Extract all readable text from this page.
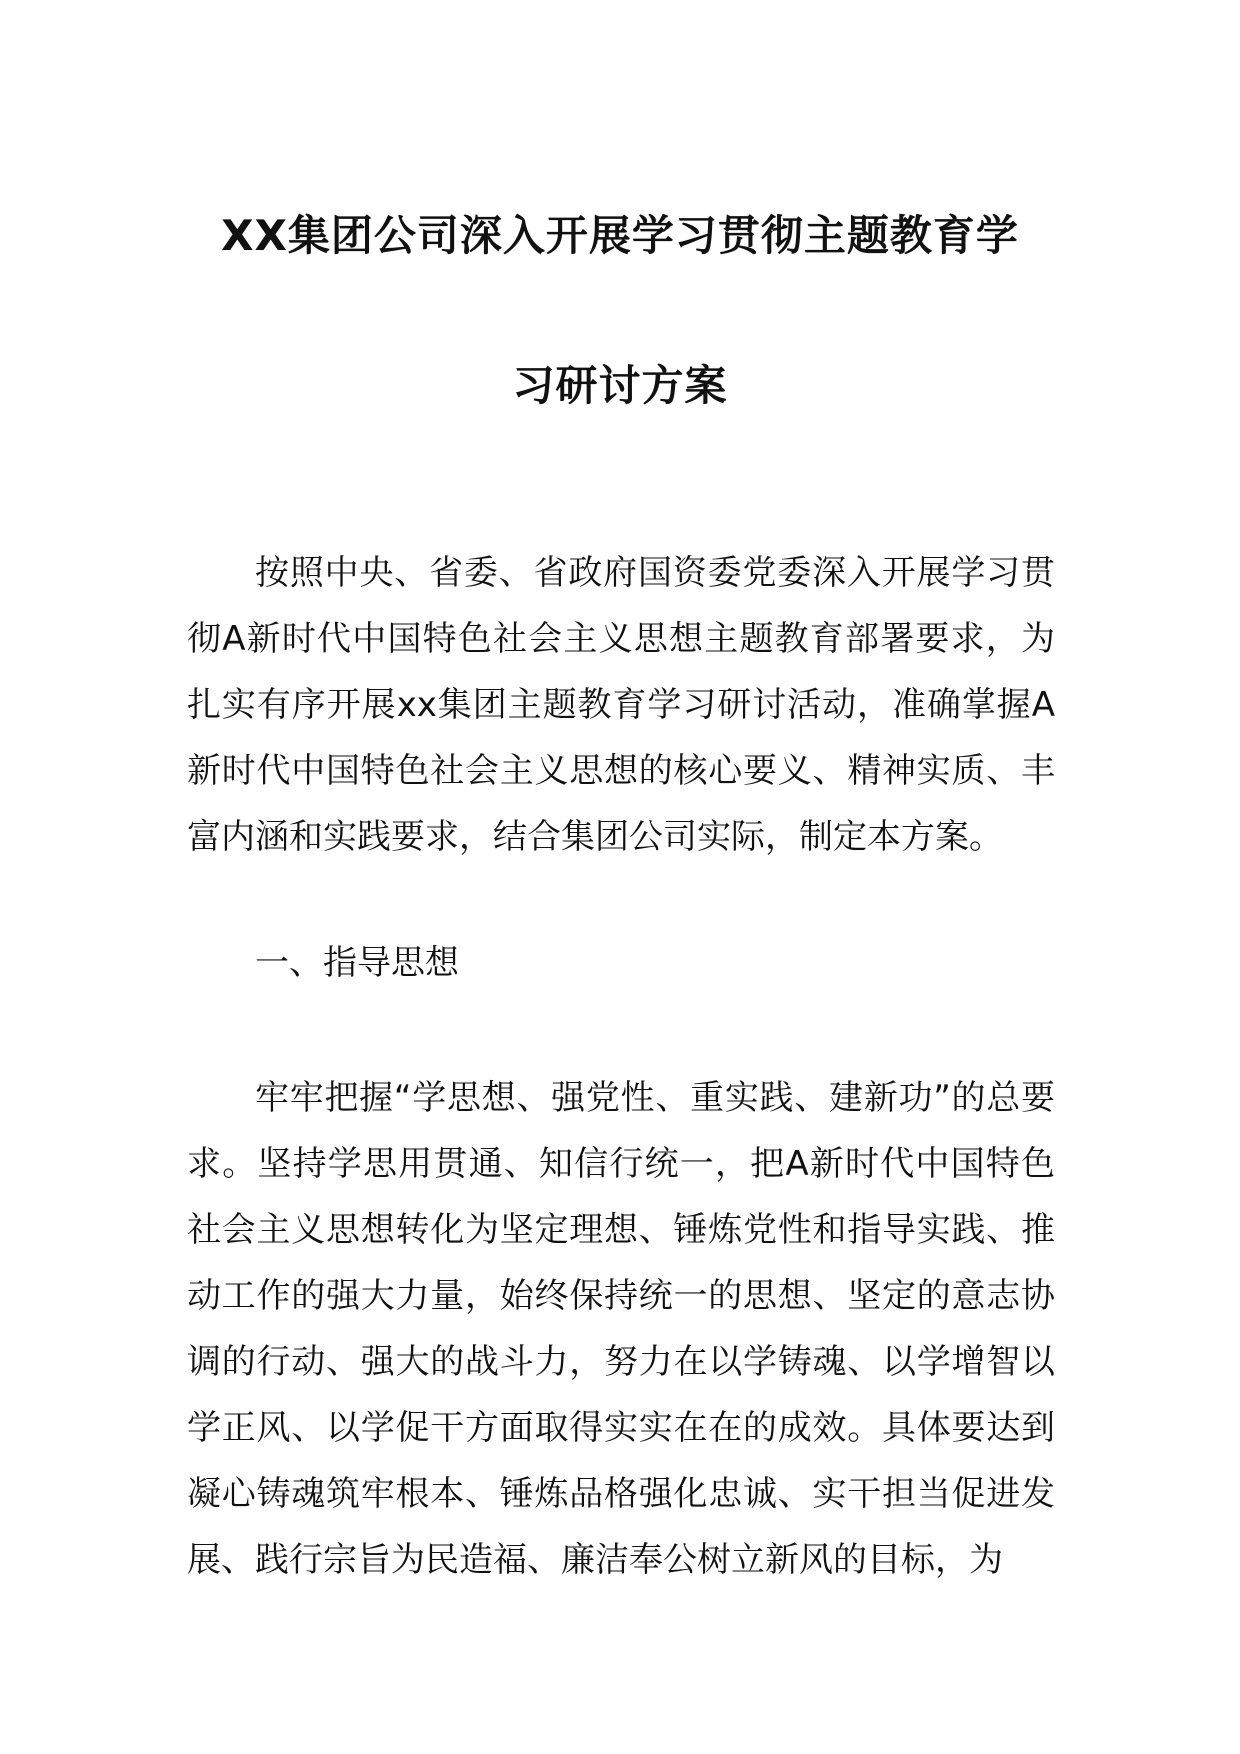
XX集团公司深入开展学习贯彻主题教育学
习研讨方案

按照中央、省委、省政府国资委党委深入开展学习贯彻A新时代中国特色社会主义思想主题教育部署要求，为扎实有序开展xx集团主题教育学习研讨活动，准确掌握A新时代中国特色社会主义思想的核心要义、精神实质、丰富内涵和实践要求，结合集团公司实际，制定本方案。

一、指导思想

牢牢把握“学思想、强党性、重实践、建新功”的总要求。坚持学思用贯通、知信行统一，把A新时代中国特色社会主义思想转化为坚定理想、锤炼党性和指导实践、推动工作的强大力量，始终保持统一的思想、坚定的意志协调的行动、强大的战斗力，努力在以学铸魂、以学增智以学正风、以学促干方面取得实实在在的成效。具体要达到凝心铸魂筑牢根本、锤炼品格强化忠诚、实干担当促进发展、践行宗旨为民造福、廉洁奉公树立新风的目标，为
